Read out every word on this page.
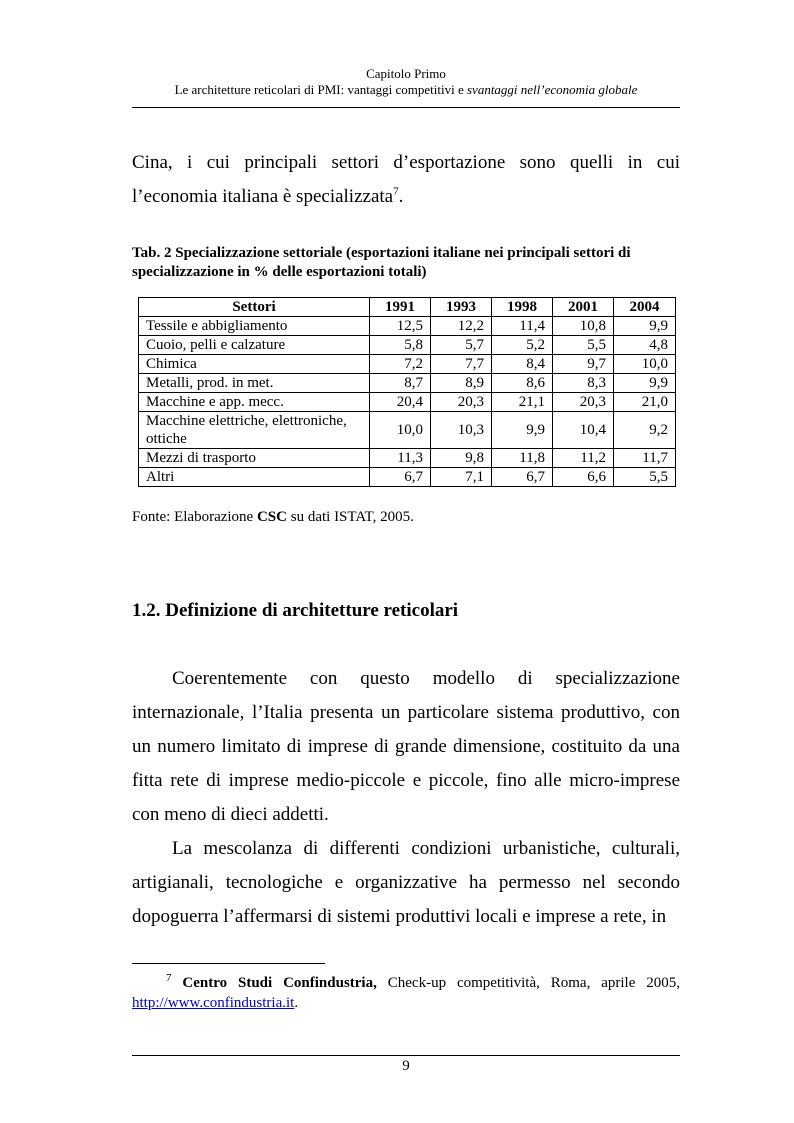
Capitolo Primo
Le architetture reticolari di PMI: vantaggi competitivi e svantaggi nell’economia globale

Cina, i cui principali settori d’esportazione sono quelli in cui l’economia italiana è specializzata$^7$.

Tab. 2 Specializzazione settoriale (esportazioni italiane nei principali settori di specializzazione in % delle esportazioni totali)
Settori	1991	1993	1998	2001	2004
Tessile e abbigliamento	12,5	12,2	11,4	10,8	9,9
Cuoio, pelli e calzature	5,8	5,7	5,2	5,5	4,8
Chimica	7,2	7,7	8,4	9,7	10,0
Metalli, prod. in met.	8,7	8,9	8,6	8,3	9,9
Macchine e app. mecc.	20,4	20,3	21,1	20,3	21,0
Macchine elettriche, elettroniche, ottiche	10,0	10,3	9,9	10,4	9,2
Mezzi di trasporto	11,3	9,8	11,8	11,2	11,7
Altri	6,7	7,1	6,7	6,6	5,5
Fonte: Elaborazione CSC su dati ISTAT, 2005.
1.2. Definizione di architetture reticolari

Coerentemente con questo modello di specializzazione internazionale, l’Italia presenta un particolare sistema produttivo, con un numero limitato di imprese di grande dimensione, costituito da una fitta rete di imprese medio-piccole e piccole, fino alle micro-imprese con meno di dieci addetti.

La mescolanza di differenti condizioni urbanistiche, culturali, artigianali, tecnologiche e organizzative ha permesso nel secondo dopoguerra l’affermarsi di sistemi produttivi locali e imprese a rete, in

$^7$ Centro Studi Confindustria, Check-up competitività, Roma, aprile 2005, http://www.confindustria.it.
9
